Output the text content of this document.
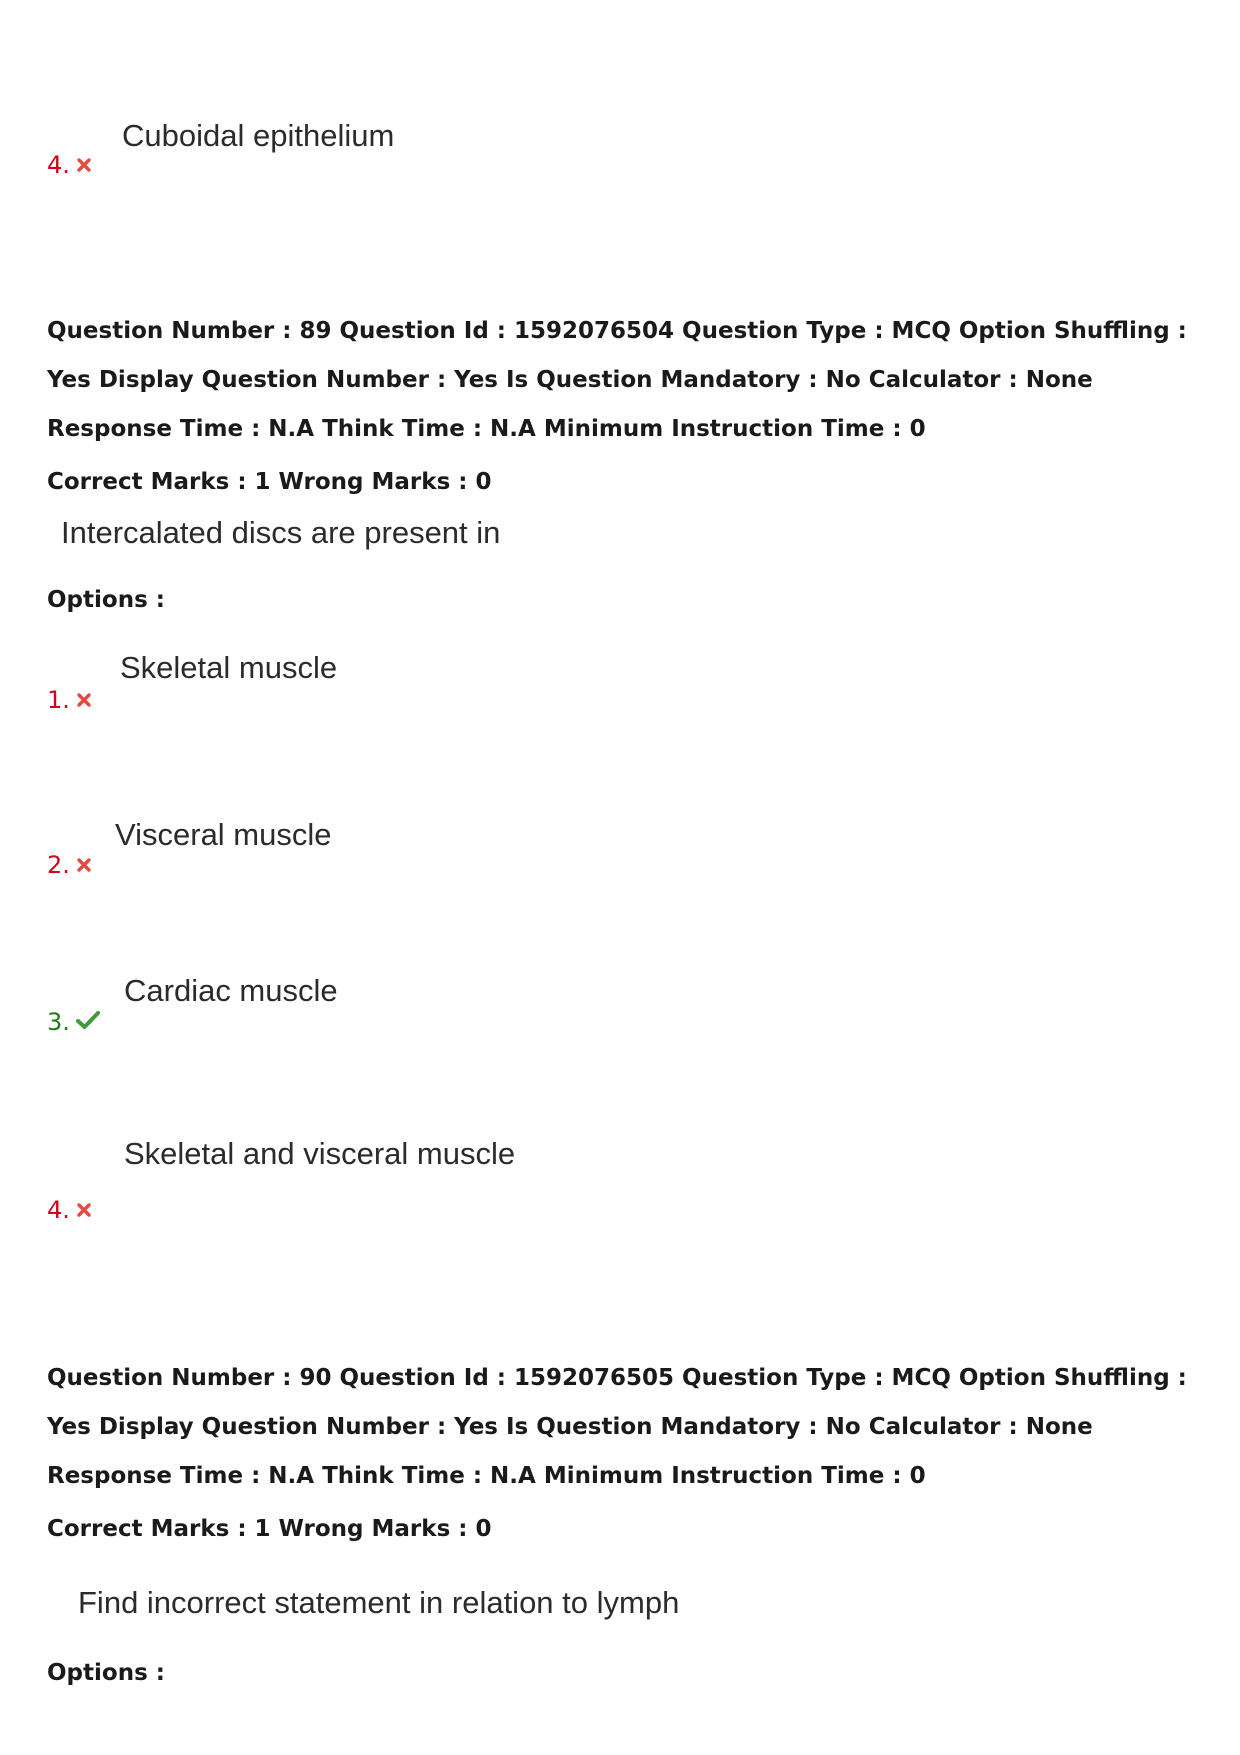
Cuboidal epithelium
4.
Question Number : 89 Question Id : 1592076504 Question Type : MCQ Option Shuffling : Yes Display Question Number : Yes Is Question Mandatory : No Calculator : None Response Time : N.A Think Time : N.A Minimum Instruction Time : 0
Correct Marks : 1 Wrong Marks : 0
Intercalated discs are present in
Options :
Skeletal muscle
1.
Visceral muscle
2.
Cardiac muscle
3.
Skeletal and visceral muscle
4.
Question Number : 90 Question Id : 1592076505 Question Type : MCQ Option Shuffling : Yes Display Question Number : Yes Is Question Mandatory : No Calculator : None Response Time : N.A Think Time : N.A Minimum Instruction Time : 0
Correct Marks : 1 Wrong Marks : 0
Find incorrect statement in relation to lymph
Options :
